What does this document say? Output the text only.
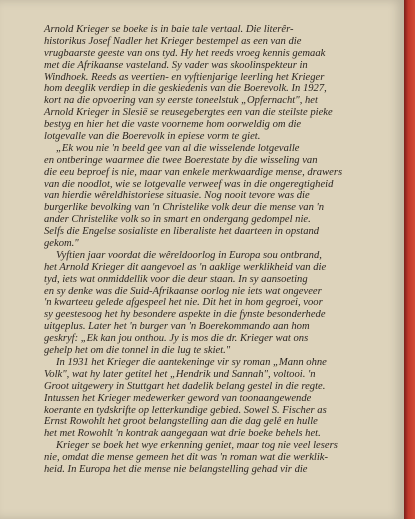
Arnold Krieger se boeke is in baie tale vertaal. Die literêr-
historikus Josef Nadler het Krieger bestempel as een van die
vrugbaarste geeste van ons tyd. Hy het reeds vroeg kennis gemaak
met die Afrikaanse vasteland. Sy vader was skoolinspekteur in
Windhoek. Reeds as veertien- en vyftienjarige leerling het Krieger
hom deeglik verdiep in die geskiedenis van die Boerevolk. In 1927,
kort na die opvoering van sy eerste toneelstuk „Opfernacht", het
Arnold Krieger in Slesië se reusegebergtes een van die steilste pieke
bestyg en hier het die vaste voorneme hom oorweldig om die
lotgevalle van die Boerevolk in epiese vorm te giet.
„Ek wou nie 'n beeld gee van al die wisselende lotgevalle
en ontberinge waarmee die twee Boerestate by die wisseling van
die eeu beproef is nie, maar van enkele merkwaardige mense, drawers
van die noodlot, wie se lotgevalle verweef was in die ongeregtigheid
van hierdie wêreldhistoriese situasie. Nog nooit tevore was die
burgerlike bevolking van 'n Christelike volk deur die mense van 'n
ander Christelike volk so in smart en ondergang gedompel nie.
Selfs die Engelse sosialiste en liberaliste het daarteen in opstand
gekom."
Vyftien jaar voordat die wêreldoorlog in Europa sou ontbrand,
het Arnold Krieger dit aangevoel as 'n aaklige werklikheid van die
tyd, iets wat onmiddellik voor die deur staan. In sy aansoeting
en sy denke was die Suid-Afrikaanse oorlog nie iets wat ongeveer
'n kwarteeu gelede afgespeel het nie. Dit het in hom gegroei, voor
sy geestesoog het hy besondere aspekte in die fynste besonderhede
uitgeplus. Later het 'n burger van 'n Boerekommando aan hom
geskryf: „Ek kan jou onthou. Jy is mos die dr. Krieger wat ons
gehelp het om die tonnel in die lug te skiet."
In 1931 het Krieger die aantekeninge vir sy roman „Mann ohne
Volk", wat hy later getitel het „Hendrik und Sannah", voltooi. 'n
Groot uitgewery in Stuttgart het dadelik belang gestel in die regte.
Intussen het Krieger medewerker geword van toonaangewende
koerante en tydskrifte op letterkundige gebied. Sowel S. Fischer as
Ernst Rowohlt het groot belangstelling aan die dag gelê en hulle
het met Rowohlt 'n kontrak aangegaan wat drie boeke behels het.
Krieger se boek het wye erkenning geniet, maar tog nie veel lesers
nie, omdat die mense gemeen het dit was 'n roman wat die werklik-
heid. In Europa het die mense nie belangstelling gehad vir die
